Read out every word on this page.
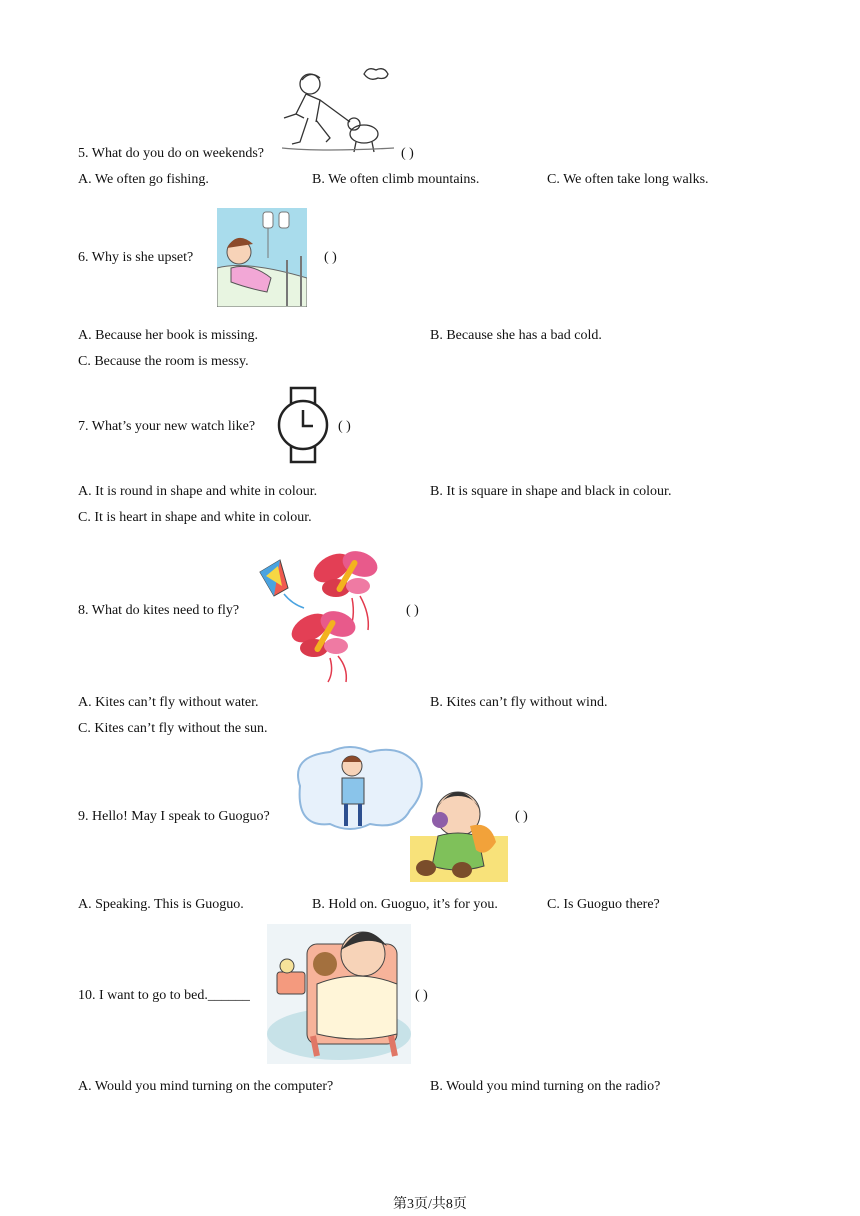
5. What do you do on weekends?	( )
A. We often go fishing.	B. We often climb mountains.	C. We often take long walks.
6. Why is she upset?	( )
A. Because her book is missing.	B. Because she has a bad cold.
C. Because the room is messy.
7. What’s your new watch like?	( )
A. It is round in shape and white in colour.	B. It is square in shape and black in colour.
C. It is heart in shape and white in colour.
8. What do kites need to fly?	( )
A. Kites can’t fly without water.	B. Kites can’t fly without wind.
C. Kites can’t fly without the sun.
9. Hello! May I speak to Guoguo?	( )
A. Speaking. This is Guoguo.	B. Hold on. Guoguo, it’s for you.	C. Is Guoguo there?
10. I want to go to bed.______	( )
A. Would you mind turning on the computer?	B. Would you mind turning on the radio?
第3页/共8页
